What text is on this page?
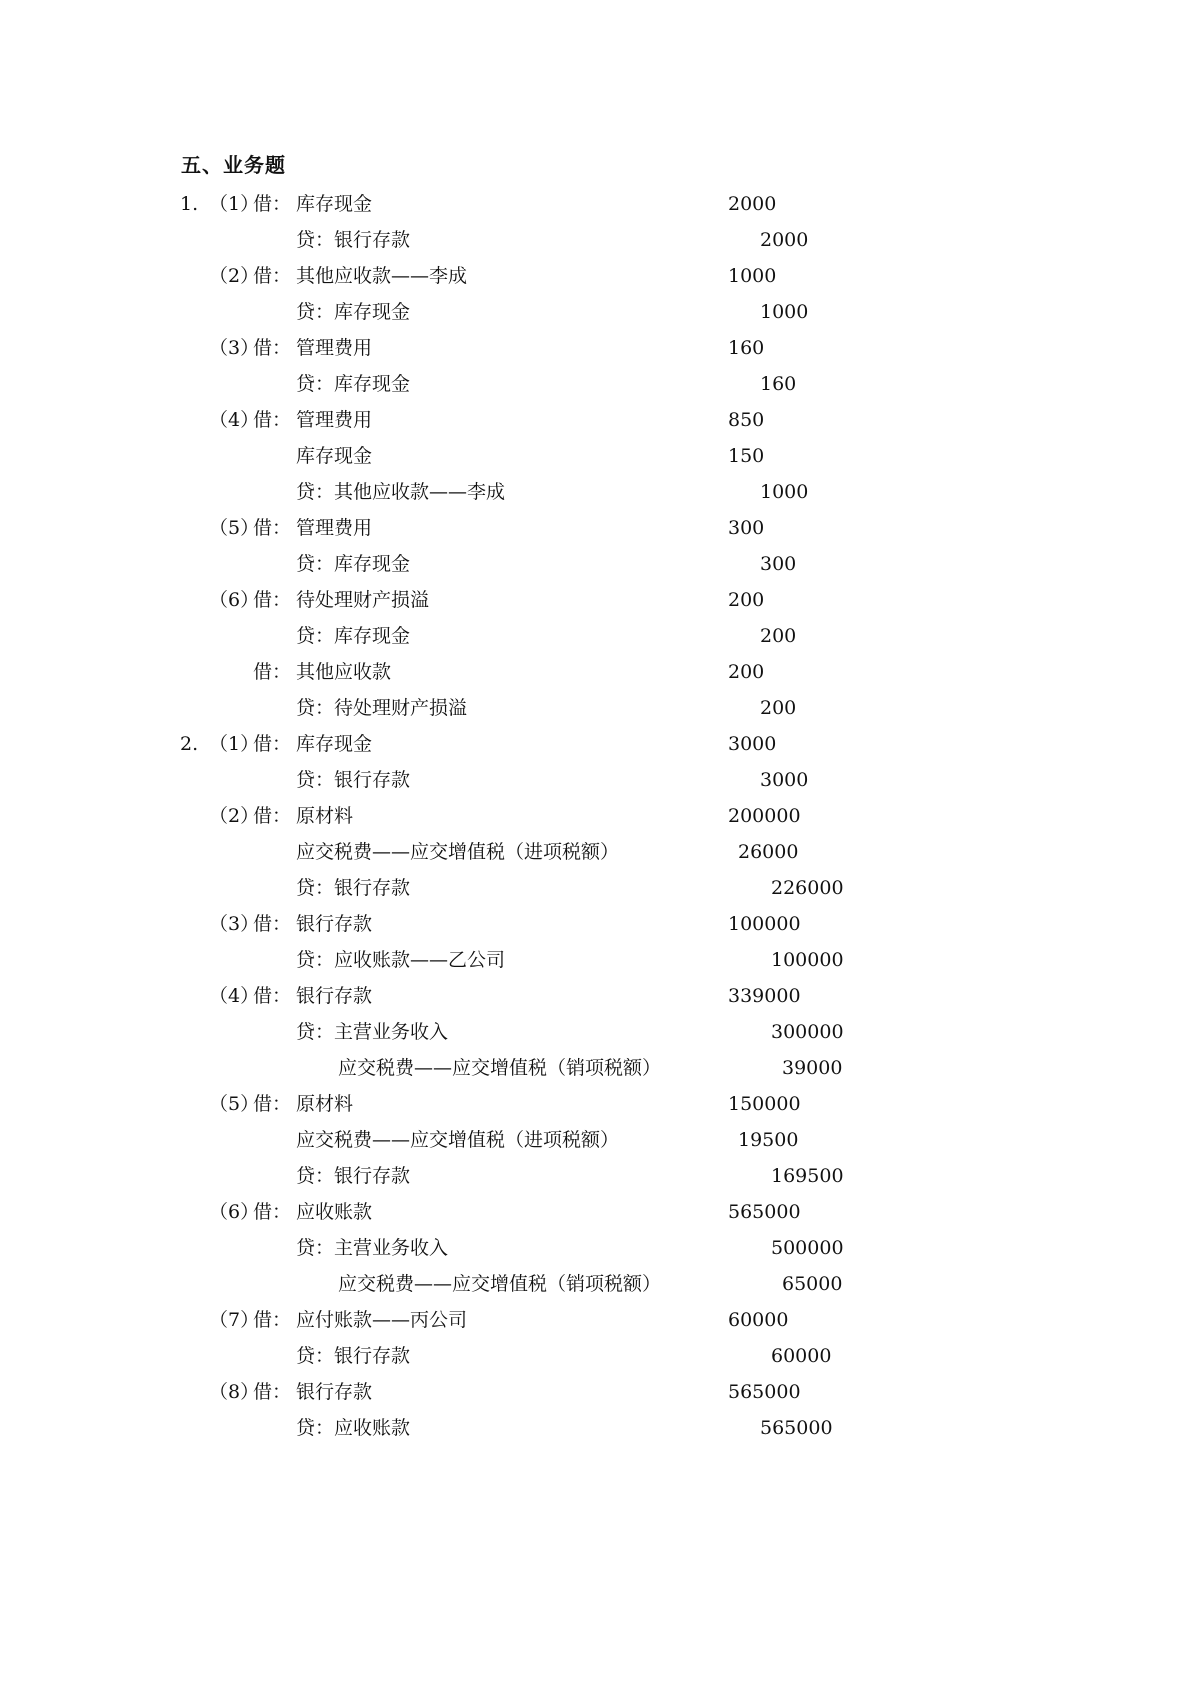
五、业务题
1. （1）
借： 库存现金	2000
贷：银行存款	2000
（2）
借： 其他应收款——李成	1000
贷：库存现金	1000
（3）
借： 管理费用	160
贷：库存现金	160
（4）
借： 管理费用	850
库存现金	150
贷：其他应收款——李成	1000
（5）
借： 管理费用	300
贷：库存现金	300
（6）
借： 待处理财产损溢	200
贷：库存现金	200
借： 其他应收款	200
贷：待处理财产损溢	200
2. （1）
借： 库存现金	3000
贷：银行存款	3000
（2）
借： 原材料	200000
应交税费——应交增值税（进项税额）	26000
贷：银行存款	226000
（3）
借： 银行存款	100000
贷：应收账款——乙公司	100000
（4）
借： 银行存款	339000
贷：主营业务收入	300000
应交税费——应交增值税（销项税额）	39000
（5）
借： 原材料	150000
应交税费——应交增值税（进项税额）	19500
贷：银行存款	169500
（6）
借： 应收账款	565000
贷：主营业务收入	500000
应交税费——应交增值税（销项税额）	65000
（7）
借： 应付账款——丙公司	60000
贷：银行存款	60000
（8）
借： 银行存款	565000
贷：应收账款	565000
